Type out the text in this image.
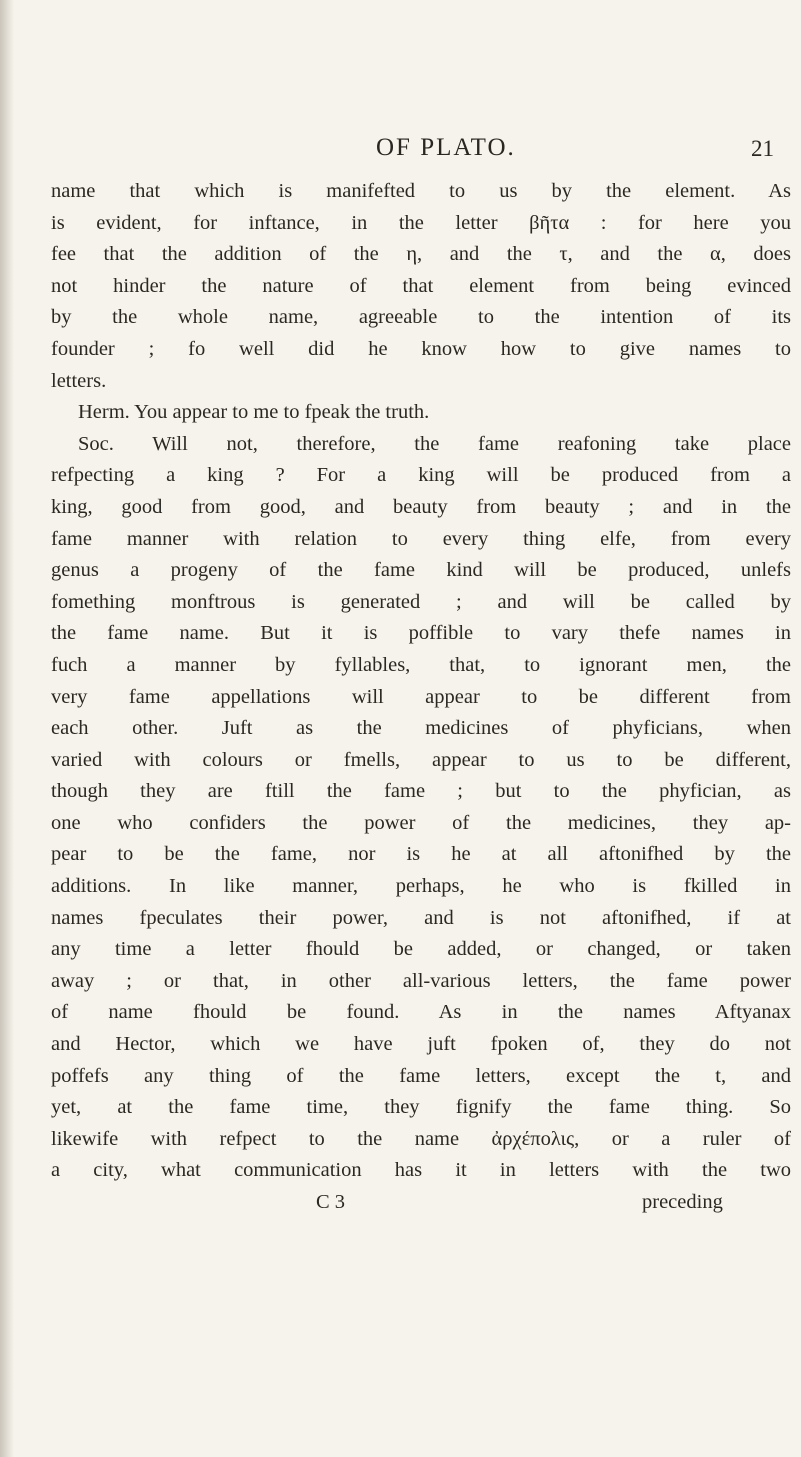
OF PLATO.	21
name that which is manifefted to us by the element. As
is evident, for inftance, in the letter βῆτα : for here you
fee that the addition of the η, and the τ, and the α, does
not hinder the nature of that element from being evinced
by the whole name, agreeable to the intention of its
founder ; fo well did he know how to give names to
letters.
Herm. You appear to me to fpeak the truth.
Soc. Will not, therefore, the fame reafoning take place
refpecting a king ? For a king will be produced from a
king, good from good, and beauty from beauty ; and in the
fame manner with relation to every thing elfe, from every
genus a progeny of the fame kind will be produced, unlefs
fomething monftrous is generated ; and will be called by
the fame name. But it is poffible to vary thefe names in
fuch a manner by fyllables, that, to ignorant men, the
very fame appellations will appear to be different from
each other. Juft as the medicines of phyficians, when
varied with colours or fmells, appear to us to be different,
though they are ftill the fame ; but to the phyfician, as
one who confiders the power of the medicines, they ap-
pear to be the fame, nor is he at all aftonifhed by the
additions. In like manner, perhaps, he who is fkilled in
names fpeculates their power, and is not aftonifhed, if at
any time a letter fhould be added, or changed, or taken
away ; or that, in other all-various letters, the fame power
of name fhould be found. As in the names Aftyanax
and Hector, which we have juft fpoken of, they do not
poffefs any thing of the fame letters, except the t, and
yet, at the fame time, they fignify the fame thing. So
likewife with refpect to the name ἀρχέπολις, or a ruler of
a city, what communication has it in letters with the two
C 3	preceding
